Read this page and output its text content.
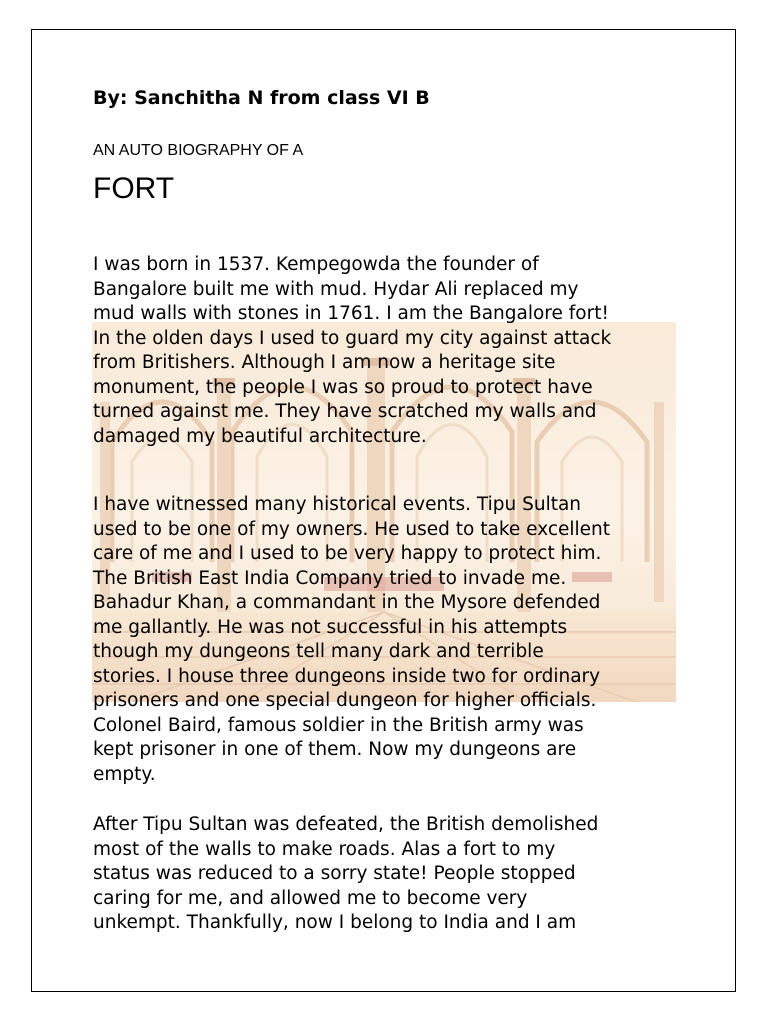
By: Sanchitha N from class VI B
AN AUTO BIOGRAPHY OF A
FORT
I was born in 1537. Kempegowda the founder of
Bangalore built me with mud. Hydar Ali replaced my
mud walls with stones in 1761. I am the Bangalore fort!
In the olden days I used to guard my city against attack
from Britishers. Although I am now a heritage site
monument, the people I was so proud to protect have
turned against me. They have scratched my walls and
damaged my beautiful architecture.
I have witnessed many historical events. Tipu Sultan
used to be one of my owners. He used to take excellent
care of me and I used to be very happy to protect him.
The British East India Company tried to invade me.
Bahadur Khan, a commandant in the Mysore defended
me gallantly. He was not successful in his attempts
though my dungeons tell many dark and terrible
stories. I house three dungeons inside two for ordinary
prisoners and one special dungeon for higher officials.
Colonel Baird, famous soldier in the British army was
kept prisoner in one of them. Now my dungeons are
empty.
After Tipu Sultan was defeated, the British demolished
most of the walls to make roads. Alas a fort to my
status was reduced to a sorry state! People stopped
caring for me, and allowed me to become very
unkempt. Thankfully, now I belong to India and I am
